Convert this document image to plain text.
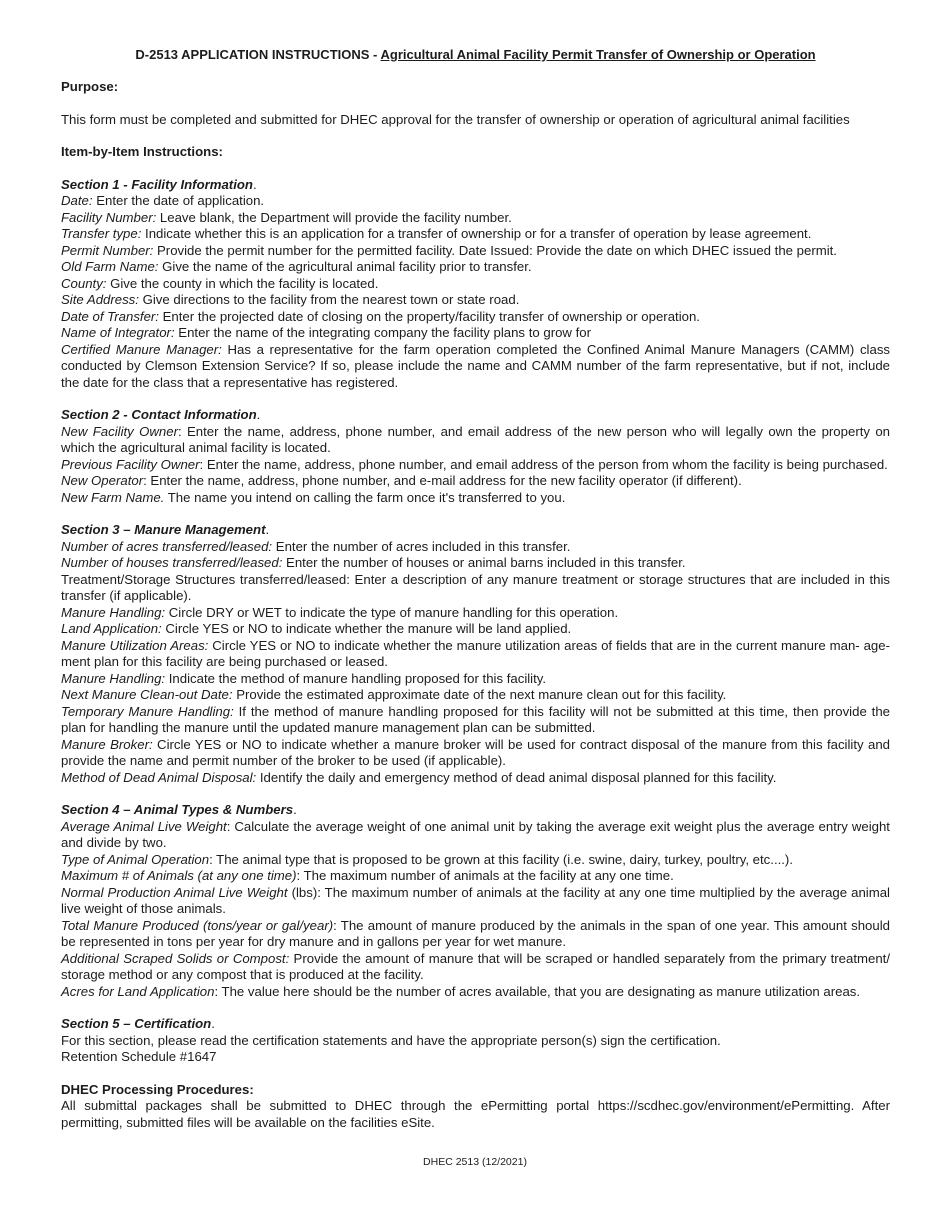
D-2513 APPLICATION INSTRUCTIONS - Agricultural Animal Facility Permit Transfer of Ownership or Operation
Purpose:
This form must be completed and submitted for DHEC approval for the transfer of ownership or operation of agricultural animal facilities
Item-by-Item Instructions:
Section 1 - Facility Information.
Date: Enter the date of application.
Facility Number: Leave blank, the Department will provide the facility number.
Transfer type: Indicate whether this is an application for a transfer of ownership or for a transfer of operation by lease agreement.
Permit Number: Provide the permit number for the permitted facility. Date Issued: Provide the date on which DHEC issued the permit.
Old Farm Name: Give the name of the agricultural animal facility prior to transfer.
County: Give the county in which the facility is located.
Site Address: Give directions to the facility from the nearest town or state road.
Date of Transfer: Enter the projected date of closing on the property/facility transfer of ownership or operation.
Name of Integrator: Enter the name of the integrating company the facility plans to grow for
Certified Manure Manager: Has a representative for the farm operation completed the Confined Animal Manure Managers (CAMM) class conducted by Clemson Extension Service? If so, please include the name and CAMM number of the farm representative, but if not, include the date for the class that a representative has registered.
Section 2 - Contact Information.
New Facility Owner: Enter the name, address, phone number, and email address of the new person who will legally own the property on which the agricultural animal facility is located.
Previous Facility Owner: Enter the name, address, phone number, and email address of the person from whom the facility is being purchased.
New Operator: Enter the name, address, phone number, and e-mail address for the new facility operator (if different).
New Farm Name. The name you intend on calling the farm once it's transferred to you.
Section 3 – Manure Management.
Number of acres transferred/leased: Enter the number of acres included in this transfer.
Number of houses transferred/leased: Enter the number of houses or animal barns included in this transfer.
Treatment/Storage Structures transferred/leased: Enter a description of any manure treatment or storage structures that are included in this transfer (if applicable).
Manure Handling: Circle DRY or WET to indicate the type of manure handling for this operation.
Land Application: Circle YES or NO to indicate whether the manure will be land applied.
Manure Utilization Areas: Circle YES or NO to indicate whether the manure utilization areas of fields that are in the current manure man- age- ment plan for this facility are being purchased or leased.
Manure Handling: Indicate the method of manure handling proposed for this facility.
Next Manure Clean-out Date: Provide the estimated approximate date of the next manure clean out for this facility.
Temporary Manure Handling: If the method of manure handling proposed for this facility will not be submitted at this time, then provide the plan for handling the manure until the updated manure management plan can be submitted.
Manure Broker: Circle YES or NO to indicate whether a manure broker will be used for contract disposal of the manure from this facility and provide the name and permit number of the broker to be used (if applicable).
Method of Dead Animal Disposal: Identify the daily and emergency method of dead animal disposal planned for this facility.
Section 4 – Animal Types & Numbers.
Average Animal Live Weight: Calculate the average weight of one animal unit by taking the average exit weight plus the average entry weight and divide by two.
Type of Animal Operation: The animal type that is proposed to be grown at this facility (i.e. swine, dairy, turkey, poultry, etc....).
Maximum # of Animals (at any one time): The maximum number of animals at the facility at any one time.
Normal Production Animal Live Weight (lbs): The maximum number of animals at the facility at any one time multiplied by the average animal live weight of those animals.
Total Manure Produced (tons/year or gal/year): The amount of manure produced by the animals in the span of one year. This amount should be represented in tons per year for dry manure and in gallons per year for wet manure.
Additional Scraped Solids or Compost: Provide the amount of manure that will be scraped or handled separately from the primary treatment/ storage method or any compost that is produced at the facility.
Acres for Land Application: The value here should be the number of acres available, that you are designating as manure utilization areas.
Section 5 – Certification.
For this section, please read the certification statements and have the appropriate person(s) sign the certification.
Retention Schedule #1647
DHEC Processing Procedures:
All submittal packages shall be submitted to DHEC through the ePermitting portal https://scdhec.gov/environment/ePermitting. After permitting, submitted files will be available on the facilities eSite.
DHEC 2513 (12/2021)
